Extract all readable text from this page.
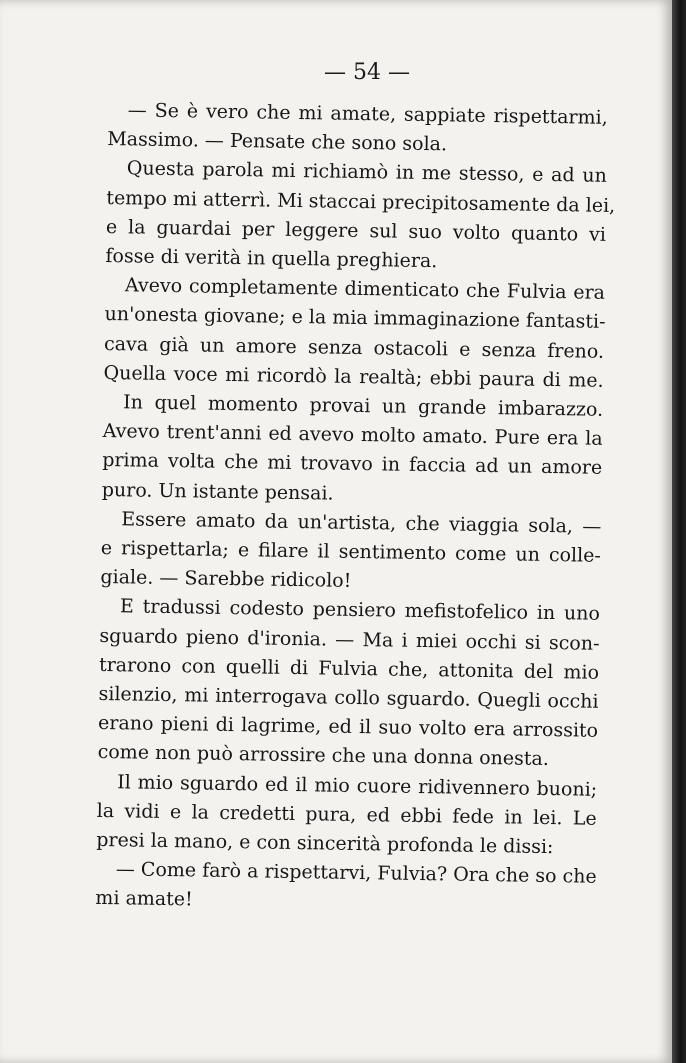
— 54 —
— Se è vero che mi amate, sappiate rispettarmi,
Massimo. — Pensate che sono sola.
Questa parola mi richiamò in me stesso, e ad un
tempo mi atterrì. Mi staccai precipitosamente da lei,
e la guardai per leggere sul suo volto quanto vi
fosse di verità in quella preghiera.
Avevo completamente dimenticato che Fulvia era
un'onesta giovane; e la mia immaginazione fantasti-
cava già un amore senza ostacoli e senza freno.
Quella voce mi ricordò la realtà; ebbi paura di me.
In quel momento provai un grande imbarazzo.
Avevo trent'anni ed avevo molto amato. Pure era la
prima volta che mi trovavo in faccia ad un amore
puro. Un istante pensai.
Essere amato da un'artista, che viaggia sola, —
e rispettarla; e filare il sentimento come un colle-
giale. — Sarebbe ridicolo!
E tradussi codesto pensiero mefistofelico in uno
sguardo pieno d'ironia. — Ma i miei occhi si scon-
trarono con quelli di Fulvia che, attonita del mio
silenzio, mi interrogava collo sguardo. Quegli occhi
erano pieni di lagrime, ed il suo volto era arrossito
come non può arrossire che una donna onesta.
Il mio sguardo ed il mio cuore ridivennero buoni;
la vidi e la credetti pura, ed ebbi fede in lei. Le
presi la mano, e con sincerità profonda le dissi:
— Come farò a rispettarvi, Fulvia? Ora che so che
mi amate!
